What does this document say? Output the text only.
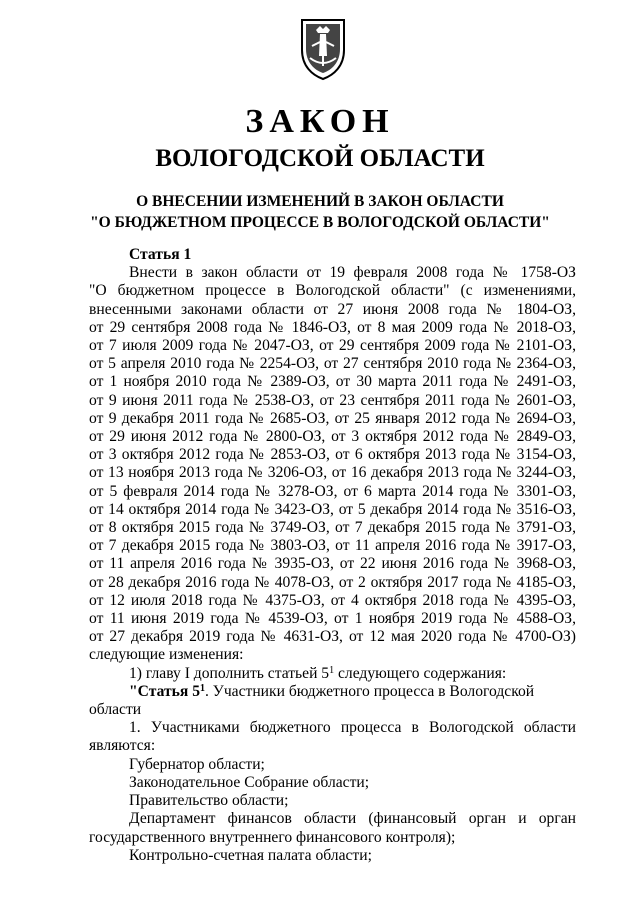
ЗАКОН
ВОЛОГОДСКОЙ ОБЛАСТИ
О ВНЕСЕНИИ ИЗМЕНЕНИЙ В ЗАКОН ОБЛАСТИ
"О БЮДЖЕТНОМ ПРОЦЕССЕ В ВОЛОГОДСКОЙ ОБЛАСТИ"

Статья 1

Внести в закон области от 19 февраля 2008 года № 1758-ОЗ

"О бюджетном процессе в Вологодской области" (с изменениями,

внесенными законами области от 27 июня 2008 года № 1804-ОЗ,

от 29 сентября 2008 года № 1846-ОЗ, от 8 мая 2009 года № 2018-ОЗ,

от 7 июля 2009 года № 2047-ОЗ, от 29 сентября 2009 года № 2101-ОЗ,

от 5 апреля 2010 года № 2254-ОЗ, от 27 сентября 2010 года № 2364-ОЗ,

от 1 ноября 2010 года № 2389-ОЗ, от 30 марта 2011 года № 2491-ОЗ,

от 9 июня 2011 года № 2538-ОЗ, от 23 сентября 2011 года № 2601-ОЗ,

от 9 декабря 2011 года № 2685-ОЗ, от 25 января 2012 года № 2694-ОЗ,

от 29 июня 2012 года № 2800-ОЗ, от 3 октября 2012 года № 2849-ОЗ,

от 3 октября 2012 года № 2853-ОЗ, от 6 октября 2013 года № 3154-ОЗ,

от 13 ноября 2013 года № 3206-ОЗ, от 16 декабря 2013 года № 3244-ОЗ,

от 5 февраля 2014 года № 3278-ОЗ, от 6 марта 2014 года № 3301-ОЗ,

от 14 октября 2014 года № 3423-ОЗ, от 5 декабря 2014 года № 3516-ОЗ,

от 8 октября 2015 года № 3749-ОЗ, от 7 декабря 2015 года № 3791-ОЗ,

от 7 декабря 2015 года № 3803-ОЗ, от 11 апреля 2016 года № 3917-ОЗ,

от 11 апреля 2016 года № 3935-ОЗ, от 22 июня 2016 года № 3968-ОЗ,

от 28 декабря 2016 года № 4078-ОЗ, от 2 октября 2017 года № 4185-ОЗ,

от 12 июля 2018 года № 4375-ОЗ, от 4 октября 2018 года № 4395-ОЗ,

от 11 июня 2019 года № 4539-ОЗ, от 1 ноября 2019 года № 4588-ОЗ,

от 27 декабря 2019 года № 4631-ОЗ, от 12 мая 2020 года № 4700-ОЗ)

следующие изменения:

1) главу I дополнить статьей $5^1$ следующего содержания:

"Статья $5^1$. Участники бюджетного процесса в Вологодской области

1. Участниками бюджетного процесса в Вологодской области

являются:

Губернатор области;

Законодательное Собрание области;

Правительство области;

Департамент финансов области (финансовый орган и орган

государственного внутреннего финансового контроля);

Контрольно-счетная палата области;
